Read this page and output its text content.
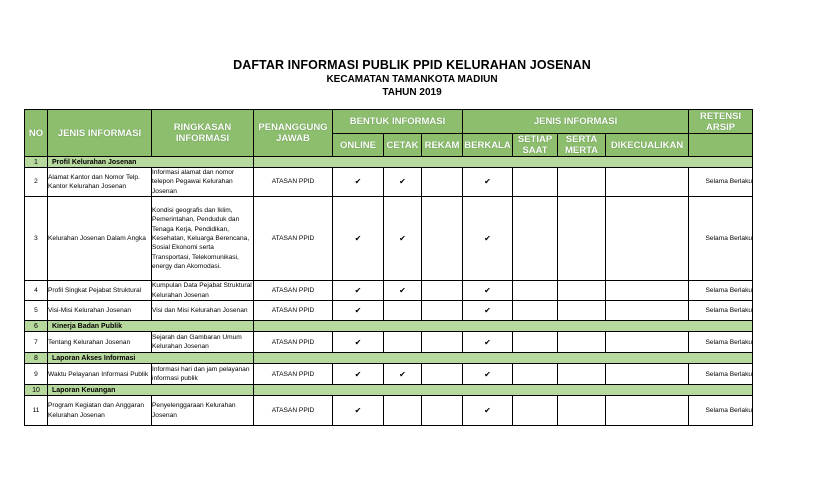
DAFTAR INFORMASI PUBLIK PPID KELURAHAN JOSENAN
KECAMATAN TAMANKOTA MADIUN
TAHUN 2019
NO	JENIS INFORMASI	RINGKASAN INFORMASI	PENANGGUNG JAWAB	BENTUK INFORMASI			JENIS INFORMASI				RETENSI ARSIP
				ONLINE	CETAK	REKAM	BERKALA	SETIAP SAAT	SERTA MERTA	DIKECUALIKAN	
1	Profil Kelurahan Josenan										
2	Alamat Kantor dan Nomor Telp. Kantor Kelurahan Josenan	Informasi alamat dan nomor telepon Pegawai Kelurahan Josenan	ATASAN PPID	✔	✔		✔				Selama Berlaku
3	Kelurahan Josenan Dalam Angka	Kondisi geografis dan Iklim, Pemerintahan, Penduduk dan Tenaga Kerja, Pendidikan, Kesehatan, Keluarga Berencana, Sosial Ekonomi serta Transportasi, Telekomunikasi, energy dan Akomodasi.	ATASAN PPID	✔	✔		✔				Selama Berlaku
4	Profil Singkat Pejabat Struktural	Kumpulan Data Pejabat Struktural Kelurahan Josenan	ATASAN PPID	✔	✔		✔				Selama Berlaku
5	Visi-Misi Kelurahan Josenan	Visi dan Misi Kelurahan Josenan	ATASAN PPID	✔			✔				Selama Berlaku
6	Kinerja Badan Publik										
7	Tentang Kelurahan Josenan	Sejarah dan Gambaran Umum Kelurahan Josenan	ATASAN PPID	✔			✔				Selama Berlaku
8	Laporan Akses Informasi										
9	Waktu Pelayanan Informasi Publik	Informasi hari dan jam pelayanan informasi publik	ATASAN PPID	✔	✔		✔				Selama Berlaku
10	Laporan Keuangan										
11	Program Kegiatan dan Anggaran Kelurahan Josenan	Penyelenggaraan Kelurahan Josenan	ATASAN PPID	✔			✔				Selama Berlaku
